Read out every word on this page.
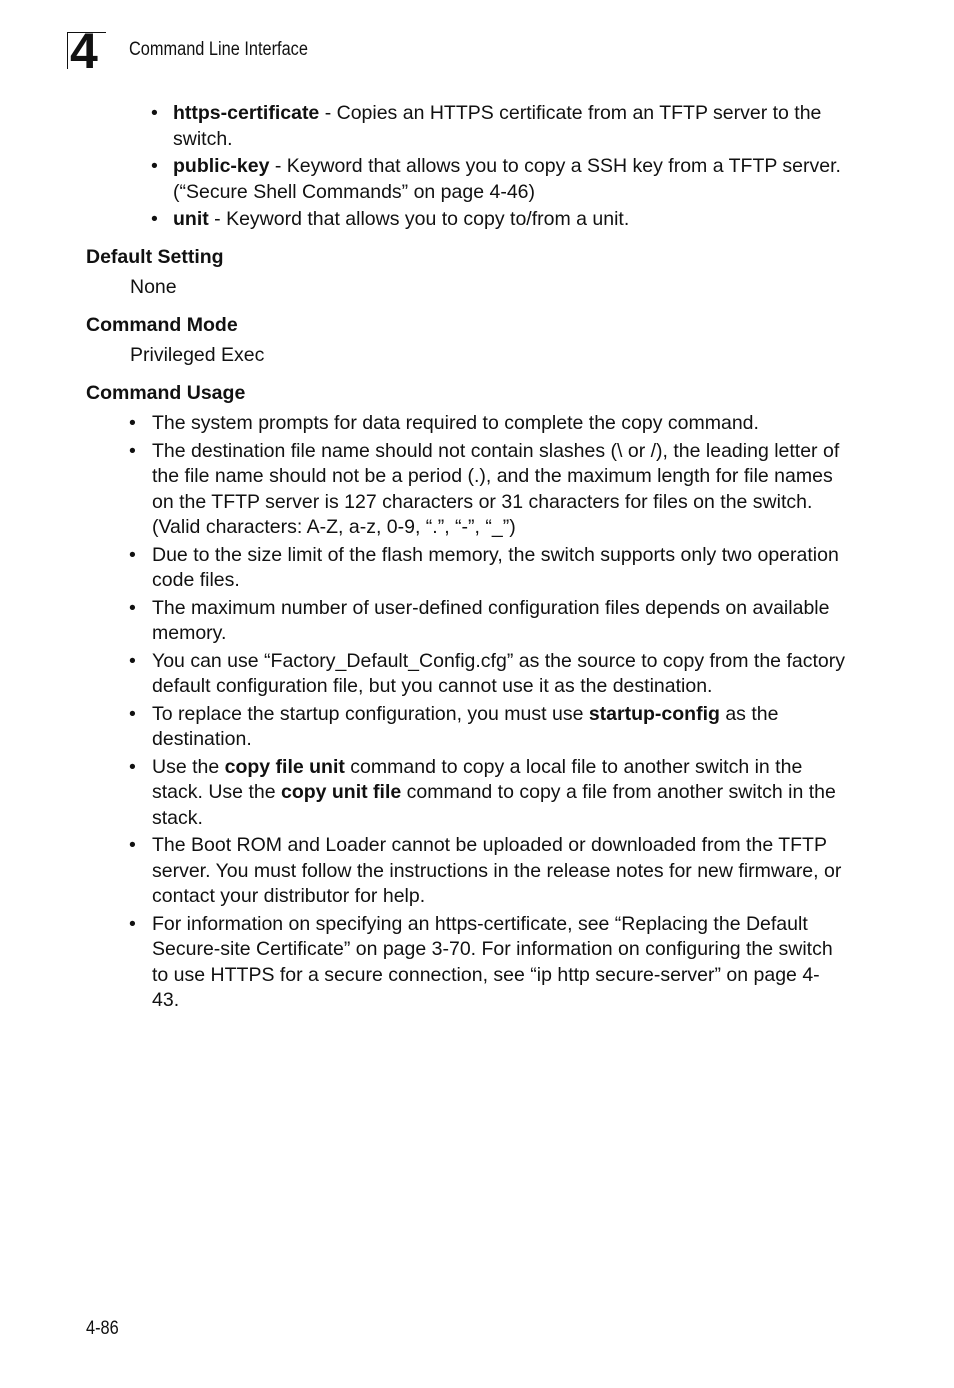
4 Command Line Interface
• https-certificate - Copies an HTTPS certificate from an TFTP server to the switch.
• public-key - Keyword that allows you to copy a SSH key from a TFTP server. (“Secure Shell Commands” on page 4-46)
• unit - Keyword that allows you to copy to/from a unit.
Default Setting
None
Command Mode
Privileged Exec
Command Usage
• The system prompts for data required to complete the copy command.
• The destination file name should not contain slashes (\ or /), the leading letter of the file name should not be a period (.), and the maximum length for file names on the TFTP server is 127 characters or 31 characters for files on the switch. (Valid characters: A-Z, a-z, 0-9, “.”, “-”, “_”)
• Due to the size limit of the flash memory, the switch supports only two operation code files.
• The maximum number of user-defined configuration files depends on available memory.
• You can use “Factory_Default_Config.cfg” as the source to copy from the factory default configuration file, but you cannot use it as the destination.
• To replace the startup configuration, you must use startup-config as the destination.
• Use the copy file unit command to copy a local file to another switch in the stack. Use the copy unit file command to copy a file from another switch in the stack.
• The Boot ROM and Loader cannot be uploaded or downloaded from the TFTP server. You must follow the instructions in the release notes for new firmware, or contact your distributor for help.
• For information on specifying an https-certificate, see “Replacing the Default Secure-site Certificate” on page 3-70. For information on configuring the switch to use HTTPS for a secure connection, see “ip http secure-server” on page 4-43.
4-86
